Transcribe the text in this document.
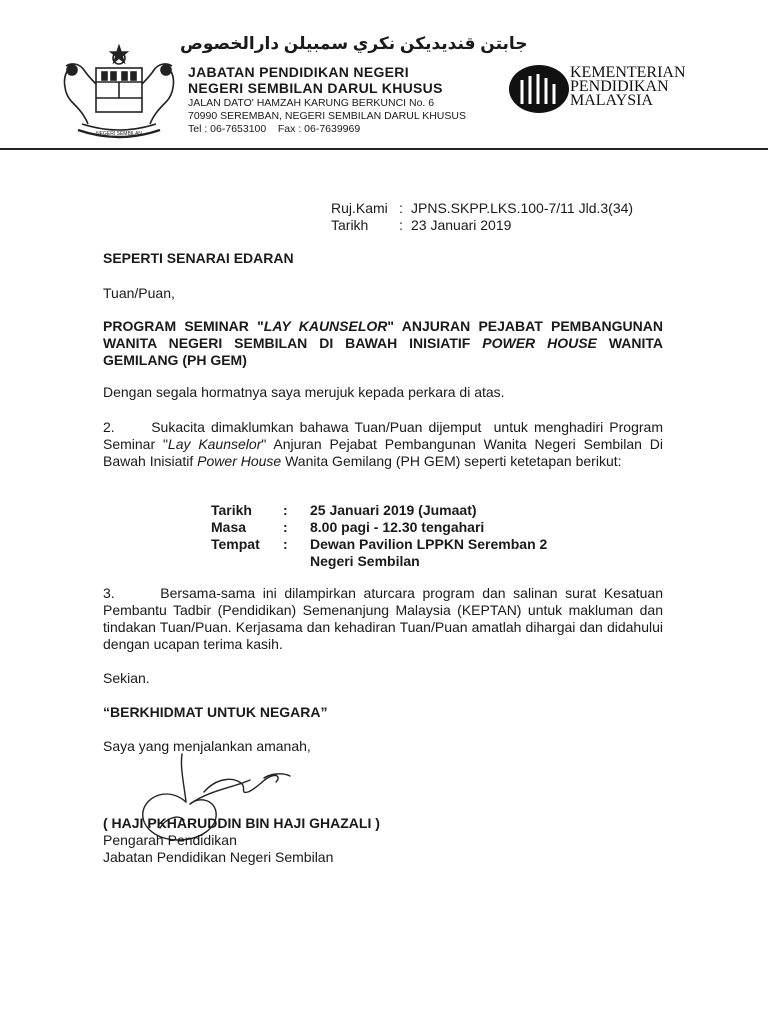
NEGERI SEMBILAN
جابتن قنديديكن نكري سمبيلن دارالخصوص
JABATAN PENDIDIKAN NEGERI
NEGERI SEMBILAN DARUL KHUSUS
JALAN DATO' HAMZAH KARUNG BERKUNCI No. 6
70990 SEREMBAN, NEGERI SEMBILAN DARUL KHUSUS
Tel : 06-7653100    Fax : 06-7639969
KEMENTERIAN
PENDIDIKAN
MALAYSIA
Ruj.Kami : JPNS.SKPP.LKS.100-7/11 Jld.3(34)
Tarikh : 23 Januari 2019
SEPERTI SENARAI EDARAN
Tuan/Puan,
PROGRAM SEMINAR "LAY KAUNSELOR" ANJURAN PEJABAT PEMBANGUNAN WANITA NEGERI SEMBILAN DI BAWAH INISIATIF POWER HOUSE WANITA GEMILANG (PH GEM)
Dengan segala hormatnya saya merujuk kepada perkara di atas.
2.      Sukacita dimaklumkan bahawa Tuan/Puan dijemput  untuk menghadiri Program Seminar "Lay Kaunselor" Anjuran Pejabat Pembangunan Wanita Negeri Sembilan Di Bawah Inisiatif Power House Wanita Gemilang (PH GEM) seperti ketetapan berikut:
Tarikh : 25 Januari 2019 (Jumaat)
Masa	: 8.00 pagi - 12.30 tengahari
Tempat : Dewan Pavilion LPPKN Seremban 2
Negeri Sembilan
3.      Bersama-sama ini dilampirkan aturcara program dan salinan surat Kesatuan Pembantu Tadbir (Pendidikan) Semenanjung Malaysia (KEPTAN) untuk makluman dan tindakan Tuan/Puan. Kerjasama dan kehadiran Tuan/Puan amatlah dihargai dan didahului dengan ucapan terima kasih.
Sekian.
“BERKHIDMAT UNTUK NEGARA”
Saya yang menjalankan amanah,
( HAJI PKHARUDDIN BIN HAJI GHAZALI )
Pengarah Pendidikan
Jabatan Pendidikan Negeri Sembilan
